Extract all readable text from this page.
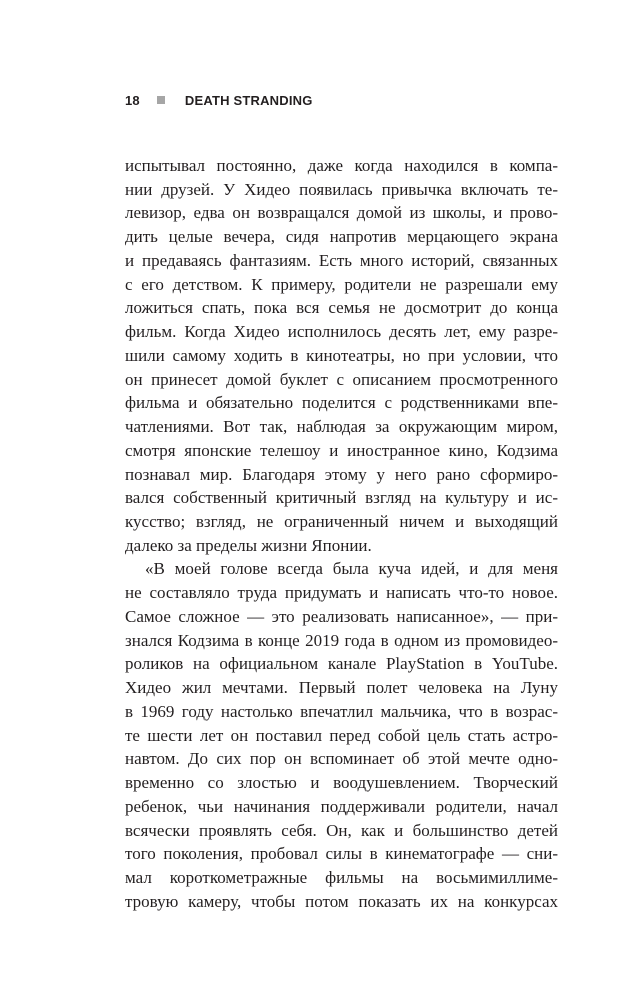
18	DEATH STRANDING
испытывал постоянно, даже когда находился в компа-
нии друзей. У Хидео появилась привычка включать те-
левизор, едва он возвращался домой из школы, и прово-
дить целые вечера, сидя напротив мерцающего экрана
и предаваясь фантазиям. Есть много историй, связанных
с его детством. К примеру, родители не разрешали ему
ложиться спать, пока вся семья не досмотрит до конца
фильм. Когда Хидео исполнилось десять лет, ему разре-
шили самому ходить в кинотеатры, но при условии, что
он принесет домой буклет с описанием просмотренного
фильма и обязательно поделится с родственниками впе-
чатлениями. Вот так, наблюдая за окружающим миром,
смотря японские телешоу и иностранное кино, Кодзима
познавал мир. Благодаря этому у него рано сформиро-
вался собственный критичный взгляд на культуру и ис-
кусство; взгляд, не ограниченный ничем и выходящий
далеко за пределы жизни Японии.
«В моей голове всегда была куча идей, и для меня
не составляло труда придумать и написать что-то новое.
Самое сложное — это реализовать написанное», — при-
знался Кодзима в конце 2019 года в одном из промовидео-
роликов на официальном канале PlayStation в YouTube.
Хидео жил мечтами. Первый полет человека на Луну
в 1969 году настолько впечатлил мальчика, что в возрас-
те шести лет он поставил перед собой цель стать астро-
навтом. До сих пор он вспоминает об этой мечте одно-
временно со злостью и воодушевлением. Творческий
ребенок, чьи начинания поддерживали родители, начал
всячески проявлять себя. Он, как и большинство детей
того поколения, пробовал силы в кинематографе — сни-
мал короткометражные фильмы на восьмимиллиме-
тровую камеру, чтобы потом показать их на конкурсах
